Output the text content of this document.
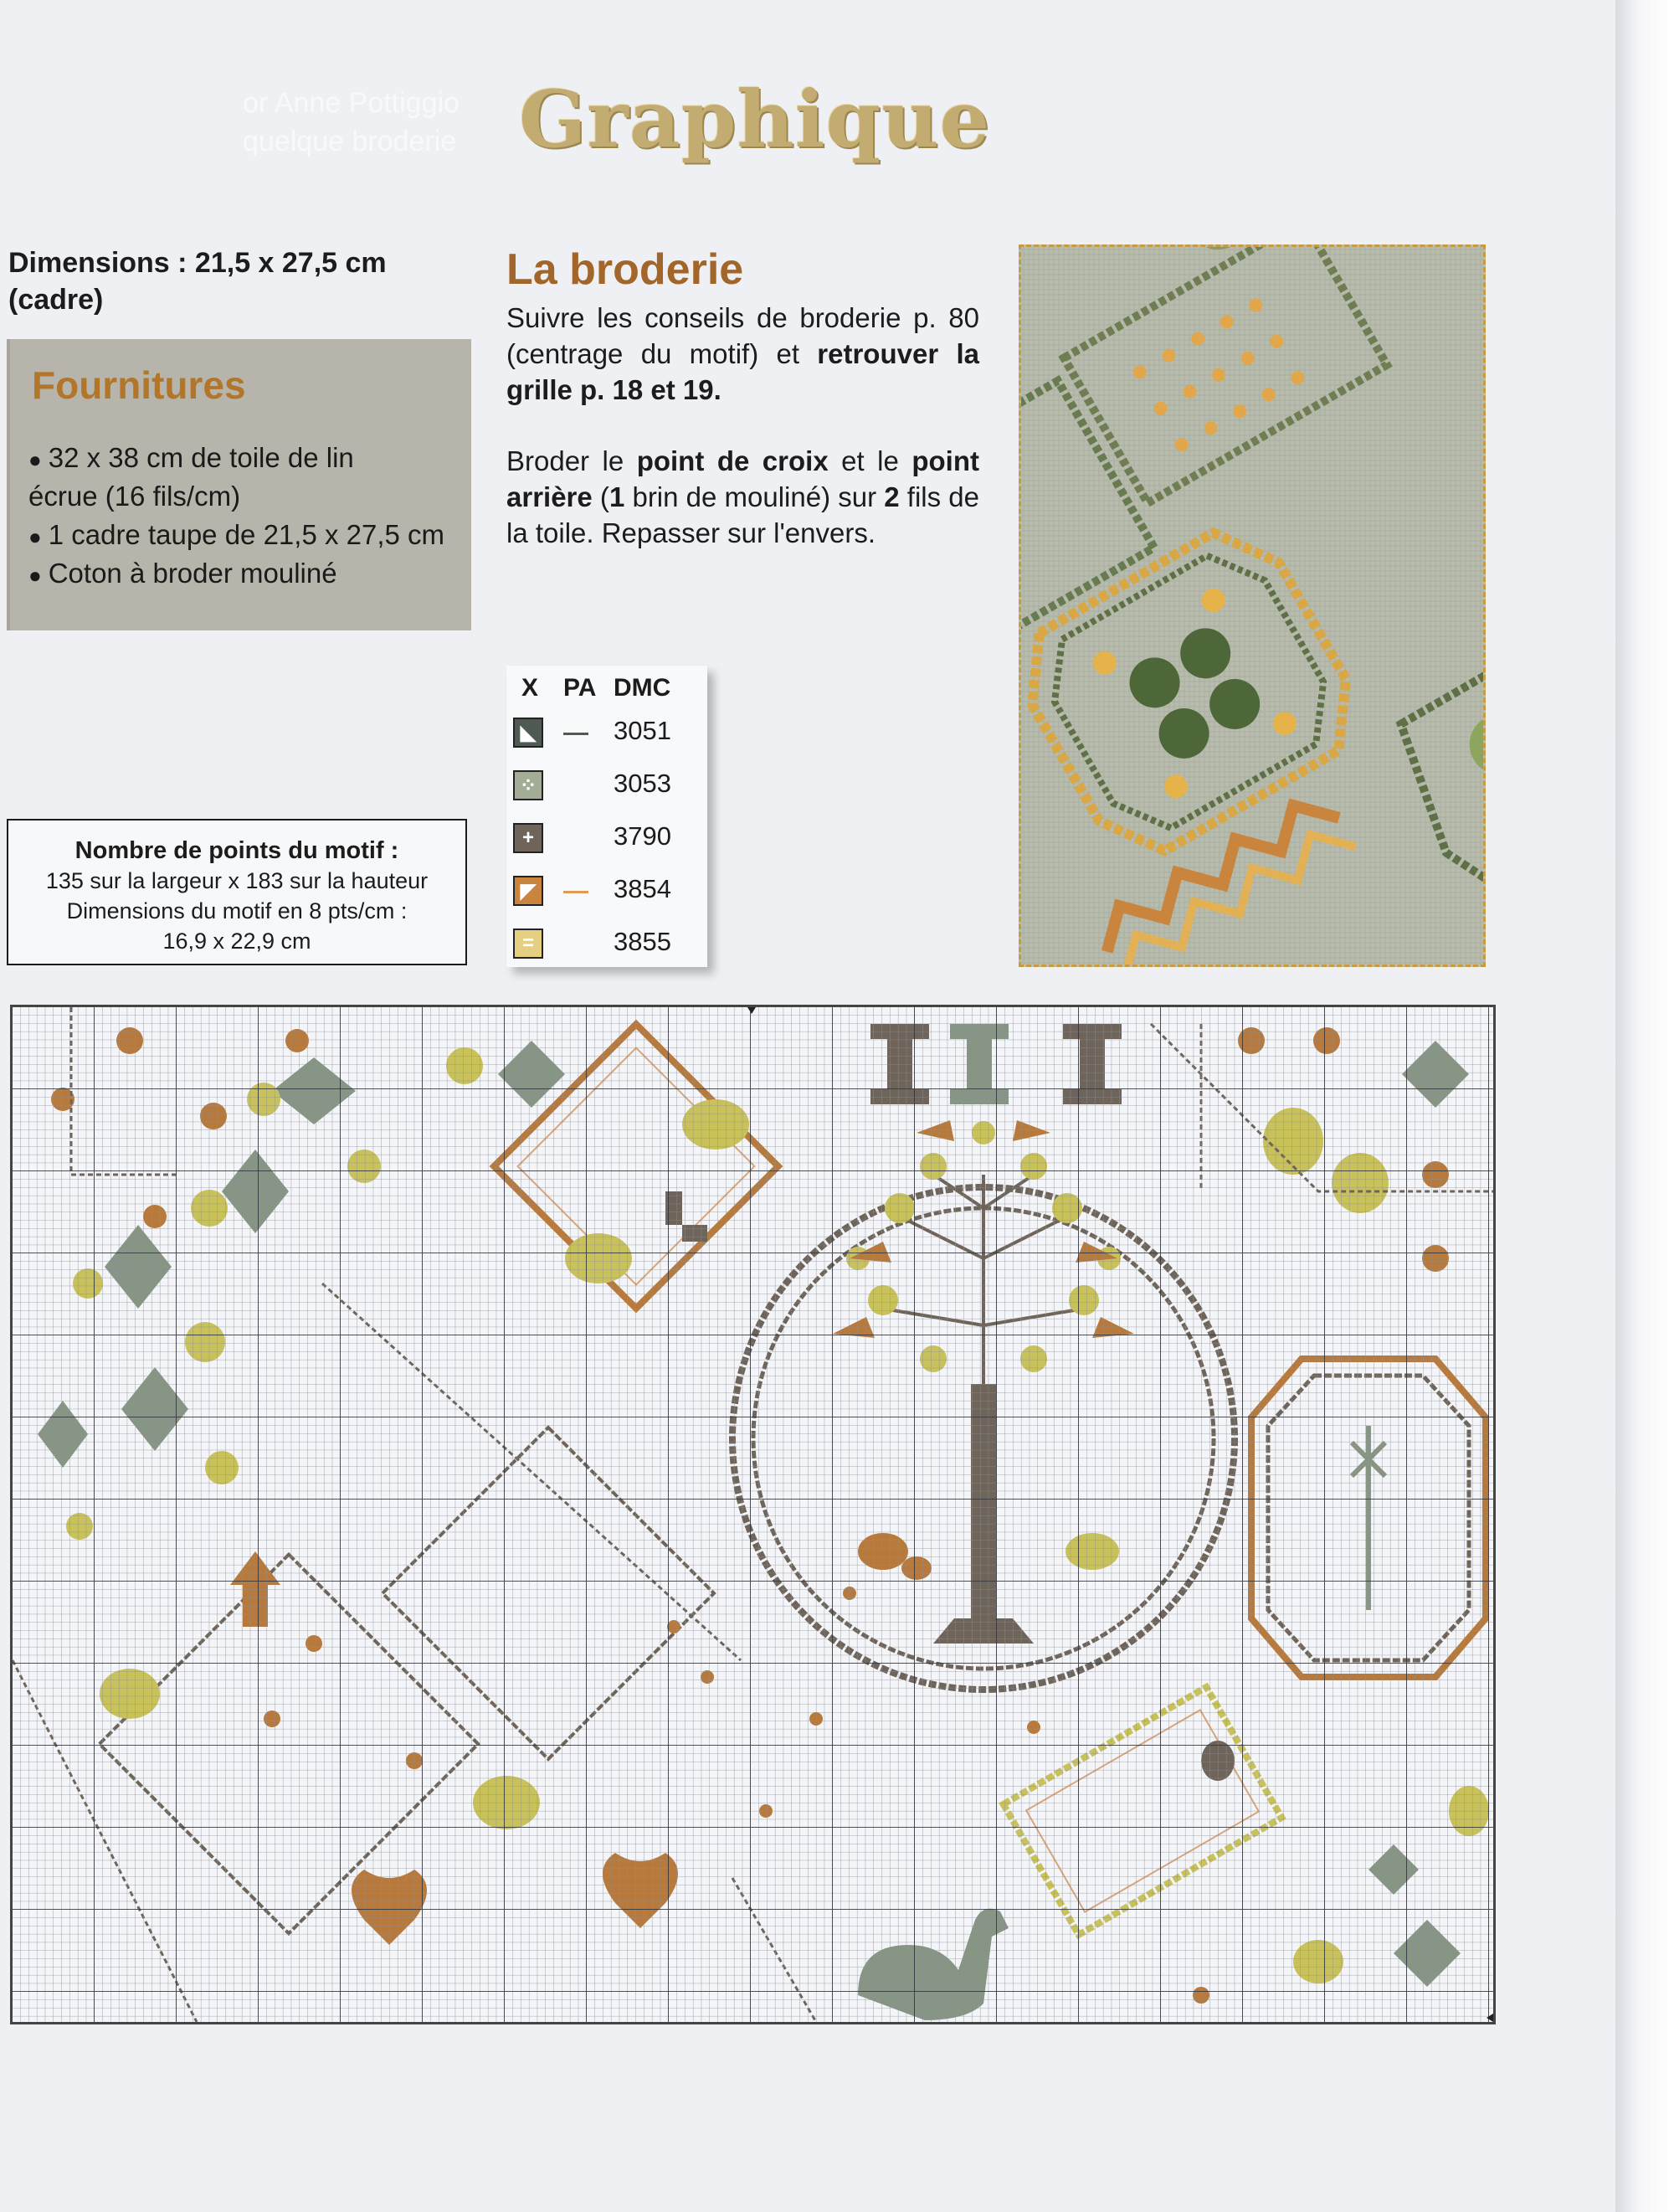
or Anne Pottiggio
quelque broderie Graphique
Dimensions : 21,5 x 27,5 cm
(cadre)
Fournitures
● 32 x 38 cm de toile de lin
écrue (16 fils/cm)
● 1 cadre taupe de 21,5 x 27,5 cm
● Coton à broder mouliné
Nombre de points du motif :
135 sur la largeur x 183 sur la hauteur
Dimensions du motif en 8 pts/cm :
16,9 x 22,9 cm
La broderie

Suivre les conseils de broderie p. 80 (centrage du motif) et retrouver la grille p. 18 et 19.

Broder le point de croix et le point arrière (1 brin de mouliné) sur 2 fils de la toile. Repasser sur l'envers.

X PA DMC
◣	3051
⁘	3053
+	3790
◤	3854
=	3855
